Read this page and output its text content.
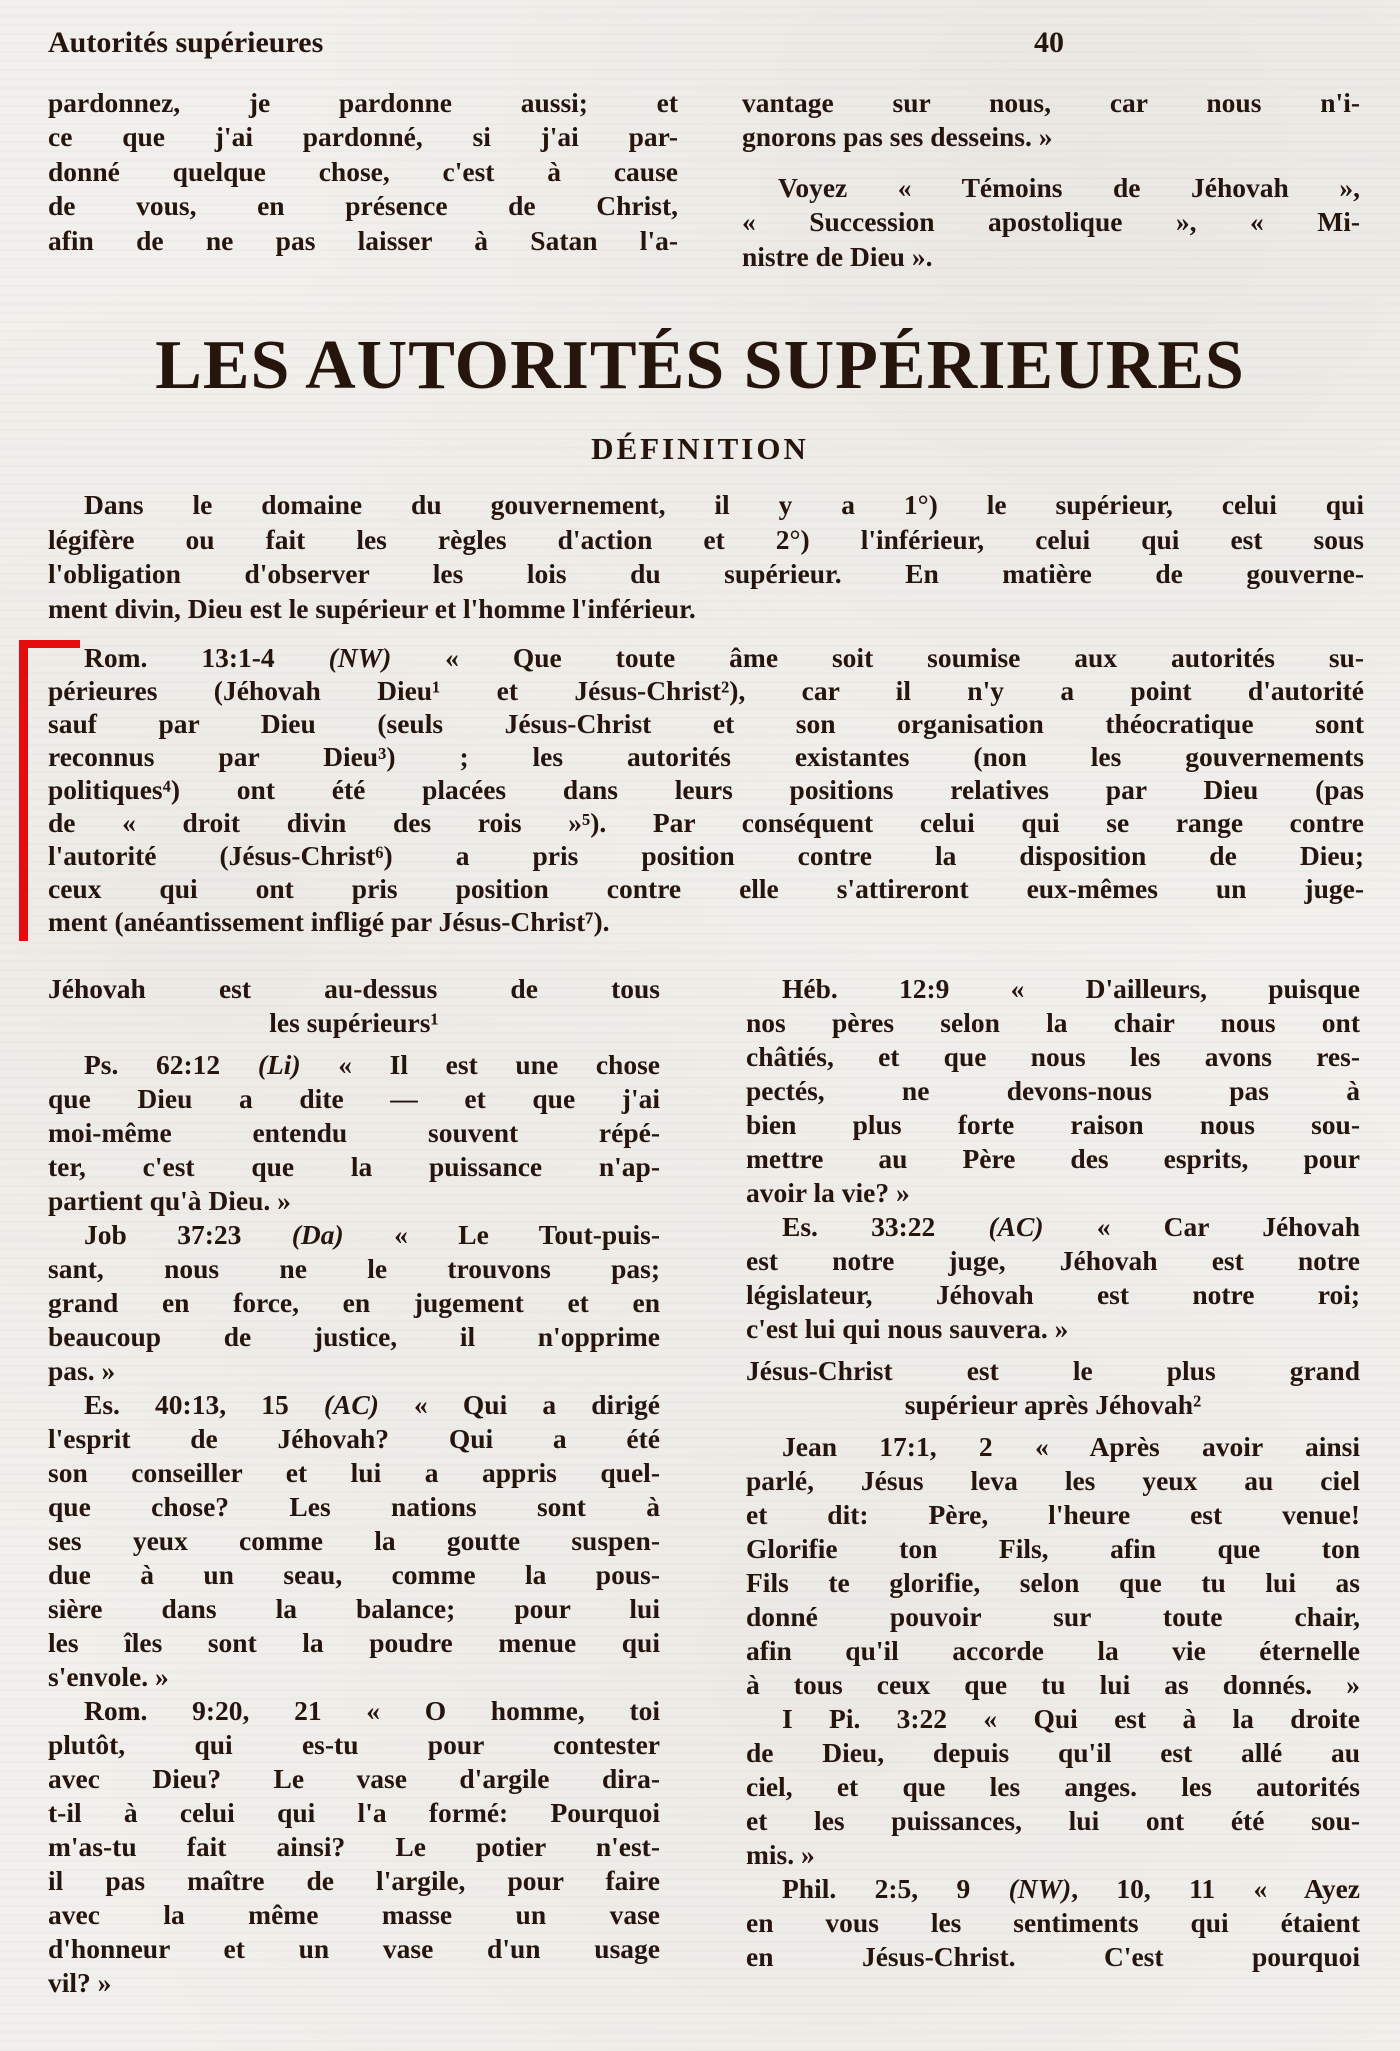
Autorités supérieures	40
pardonnez, je pardonne aussi; et
ce que j'ai pardonné, si j'ai par-
donné quelque chose, c'est à cause
de vous, en présence de Christ,
afin de ne pas laisser à Satan l'a-
vantage sur nous, car nous n'i-
gnorons pas ses desseins. »
Voyez « Témoins de Jéhovah »,
« Succession apostolique », « Mi-
nistre de Dieu ».
LES AUTORITÉS SUPÉRIEURES
DÉFINITION
Dans le domaine du gouvernement, il y a 1°) le supérieur, celui qui
légifère ou fait les règles d'action et 2°) l'inférieur, celui qui est sous
l'obligation d'observer les lois du supérieur. En matière de gouverne-
ment divin, Dieu est le supérieur et l'homme l'inférieur.
Rom. 13:1-4 (NW) « Que toute âme soit soumise aux autorités su-
périeures (Jéhovah Dieu¹ et Jésus-Christ²), car il n'y a point d'autorité
sauf par Dieu (seuls Jésus-Christ et son organisation théocratique sont
reconnus par Dieu³) ; les autorités existantes (non les gouvernements
politiques⁴) ont été placées dans leurs positions relatives par Dieu (pas
de « droit divin des rois »⁵). Par conséquent celui qui se range contre
l'autorité (Jésus-Christ⁶) a pris position contre la disposition de Dieu;
ceux qui ont pris position contre elle s'attireront eux-mêmes un juge-
ment (anéantissement infligé par Jésus-Christ⁷).
Jéhovah est au-dessus de tous
les supérieurs¹
Ps. 62:12 (Li) « Il est une chose
que Dieu a dite — et que j'ai
moi-même entendu souvent répé-
ter, c'est que la puissance n'ap-
partient qu'à Dieu. »
Job 37:23 (Da) « Le Tout-puis-
sant, nous ne le trouvons pas;
grand en force, en jugement et en
beaucoup de justice, il n'opprime
pas. »
Es. 40:13, 15 (AC) « Qui a dirigé
l'esprit de Jéhovah? Qui a été
son conseiller et lui a appris quel-
que chose? Les nations sont à
ses yeux comme la goutte suspen-
due à un seau, comme la pous-
sière dans la balance; pour lui
les îles sont la poudre menue qui
s'envole. »
Rom. 9:20, 21 « O homme, toi
plutôt, qui es-tu pour contester
avec Dieu? Le vase d'argile dira-
t-il à celui qui l'a formé: Pourquoi
m'as-tu fait ainsi? Le potier n'est-
il pas maître de l'argile, pour faire
avec la même masse un vase
d'honneur et un vase d'un usage
vil? »
Héb. 12:9 « D'ailleurs, puisque
nos pères selon la chair nous ont
châtiés, et que nous les avons res-
pectés, ne devons-nous pas à
bien plus forte raison nous sou-
mettre au Père des esprits, pour
avoir la vie? »
Es. 33:22 (AC) « Car Jéhovah
est notre juge, Jéhovah est notre
législateur, Jéhovah est notre roi;
c'est lui qui nous sauvera. »
Jésus-Christ est le plus grand
supérieur après Jéhovah²
Jean 17:1, 2 « Après avoir ainsi
parlé, Jésus leva les yeux au ciel
et dit: Père, l'heure est venue!
Glorifie ton Fils, afin que ton
Fils te glorifie, selon que tu lui as
donné pouvoir sur toute chair,
afin qu'il accorde la vie éternelle
à tous ceux que tu lui as donnés. »
I Pi. 3:22 « Qui est à la droite
de Dieu, depuis qu'il est allé au
ciel, et que les anges. les autorités
et les puissances, lui ont été sou-
mis. »
Phil. 2:5, 9 (NW), 10, 11 « Ayez
en vous les sentiments qui étaient
en Jésus-Christ. C'est pourquoi
